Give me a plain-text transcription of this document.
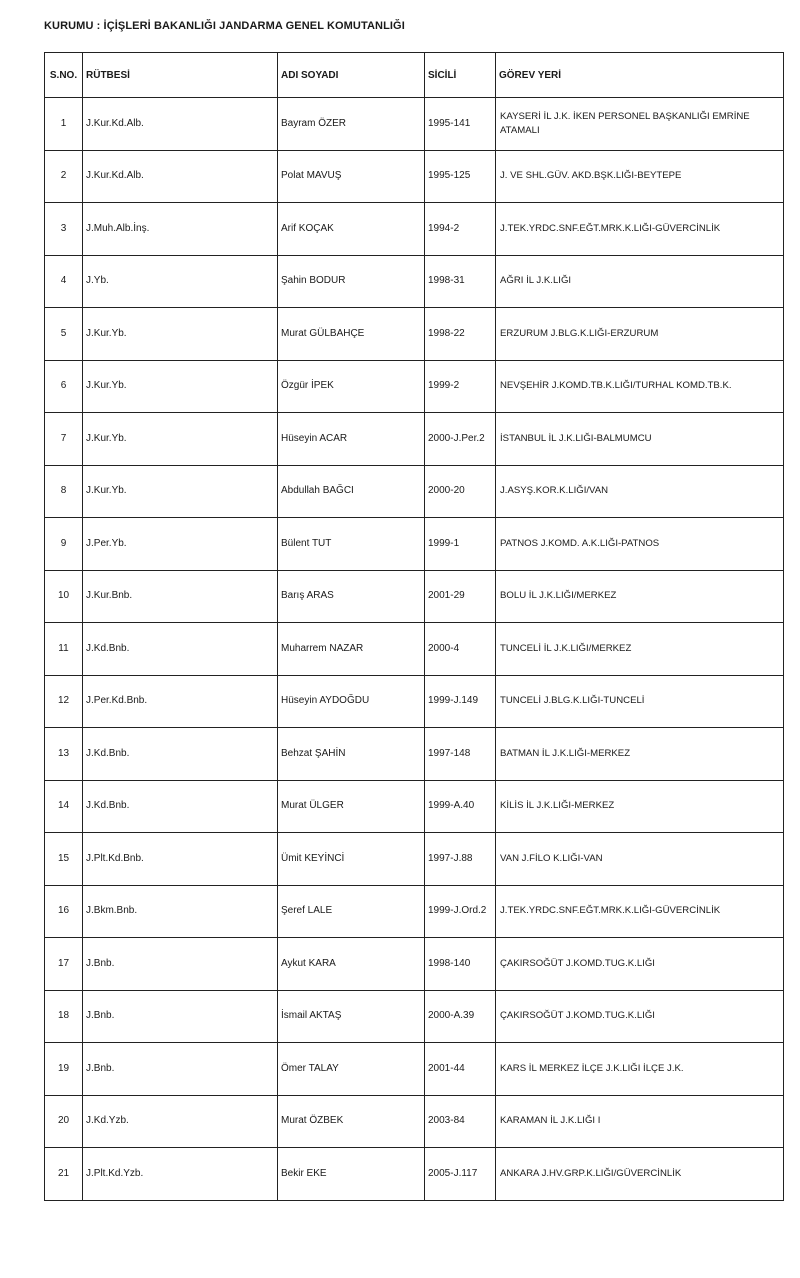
KURUMU : İÇİŞLERİ BAKANLIĞI JANDARMA GENEL KOMUTANLIĞI
S.NO.	RÜTBESİ	ADI SOYADI	SİCİLİ	GÖREV YERİ
1	J.Kur.Kd.Alb.	Bayram ÖZER	1995-141	KAYSERİ İL J.K. İKEN PERSONEL BAŞKANLIĞI EMRİNE ATAMALI
2	J.Kur.Kd.Alb.	Polat MAVUŞ	1995-125	J. VE SHL.GÜV. AKD.BŞK.LIĞI-BEYTEPE
3	J.Muh.Alb.İnş.	Arif KOÇAK	1994-2	J.TEK.YRDC.SNF.EĞT.MRK.K.LIĞI-GÜVERCİNLİK
4	J.Yb.	Şahin BODUR	1998-31	AĞRI İL J.K.LIĞI
5	J.Kur.Yb.	Murat GÜLBAHÇE	1998-22	ERZURUM J.BLG.K.LIĞI-ERZURUM
6	J.Kur.Yb.	Özgür İPEK	1999-2	NEVŞEHİR J.KOMD.TB.K.LIĞI/TURHAL KOMD.TB.K.
7	J.Kur.Yb.	Hüseyin ACAR	2000-J.Per.2	İSTANBUL İL J.K.LIĞI-BALMUMCU
8	J.Kur.Yb.	Abdullah BAĞCI	2000-20	J.ASYŞ.KOR.K.LIĞI/VAN
9	J.Per.Yb.	Bülent TUT	1999-1	PATNOS J.KOMD. A.K.LIĞI-PATNOS
10	J.Kur.Bnb.	Barış ARAS	2001-29	BOLU İL J.K.LIĞI/MERKEZ
11	J.Kd.Bnb.	Muharrem NAZAR	2000-4	TUNCELİ İL J.K.LIĞI/MERKEZ
12	J.Per.Kd.Bnb.	Hüseyin AYDOĞDU	1999-J.149	TUNCELİ J.BLG.K.LIĞI-TUNCELİ
13	J.Kd.Bnb.	Behzat ŞAHİN	1997-148	BATMAN İL J.K.LIĞI-MERKEZ
14	J.Kd.Bnb.	Murat ÜLGER	1999-A.40	KİLİS İL J.K.LIĞI-MERKEZ
15	J.Plt.Kd.Bnb.	Ümit KEYİNCİ	1997-J.88	VAN J.FİLO K.LIĞI-VAN
16	J.Bkm.Bnb.	Şeref LALE	1999-J.Ord.2	J.TEK.YRDC.SNF.EĞT.MRK.K.LIĞI-GÜVERCİNLİK
17	J.Bnb.	Aykut KARA	1998-140	ÇAKIRSOĞÜT J.KOMD.TUG.K.LIĞI
18	J.Bnb.	İsmail AKTAŞ	2000-A.39	ÇAKIRSOĞÜT J.KOMD.TUG.K.LIĞI
19	J.Bnb.	Ömer TALAY	2001-44	KARS İL MERKEZ İLÇE J.K.LIĞI İLÇE J.K.
20	J.Kd.Yzb.	Murat ÖZBEK	2003-84	KARAMAN İL J.K.LIĞI I
21	J.Plt.Kd.Yzb.	Bekir EKE	2005-J.117	ANKARA J.HV.GRP.K.LIĞI/GÜVERCİNLİK
